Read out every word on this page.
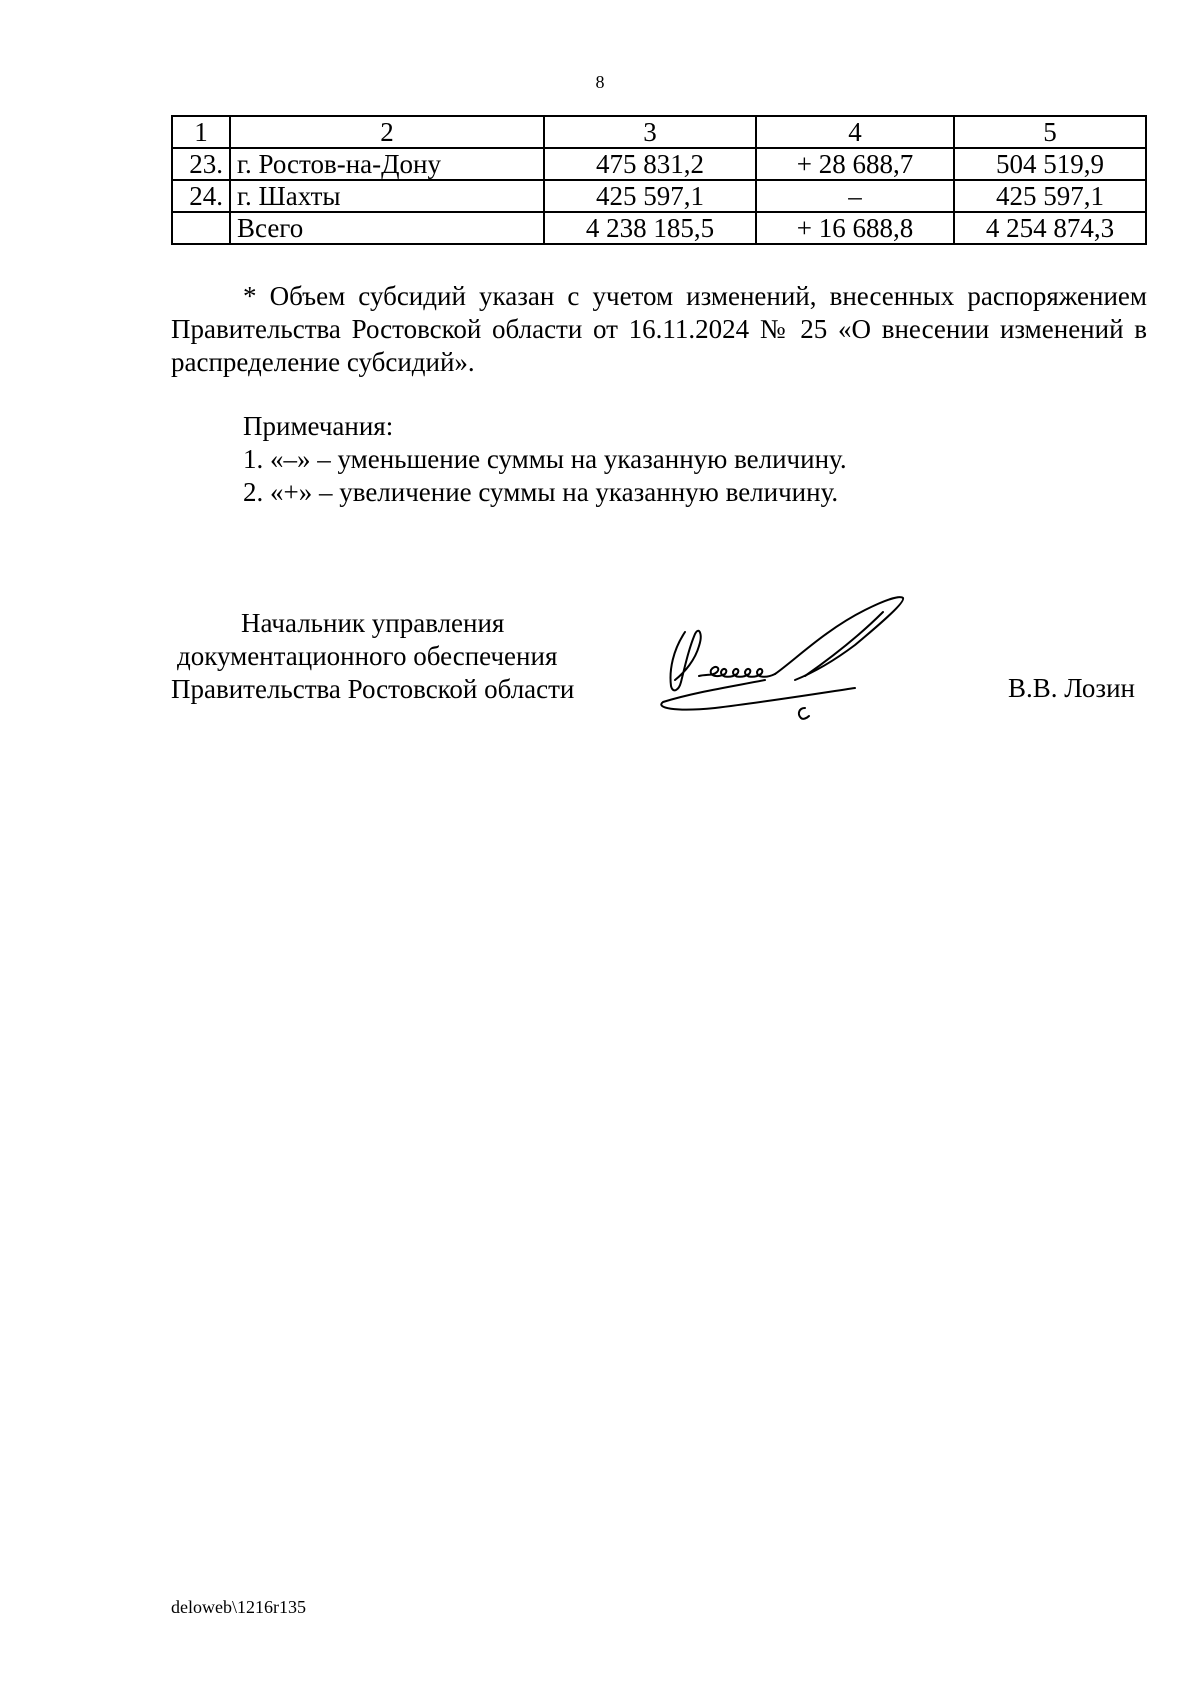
8
1	2	3	4	5
23.	г. Ростов-на-Дону	475 831,2	+ 28 688,7	504 519,9
24.	г. Шахты	425 597,1	–	425 597,1
	Всего	4 238 185,5	+ 16 688,8	4 254 874,3
* Объем субсидий указан с учетом изменений, внесенных распоряжением Правительства Ростовской области от 16.11.2024 № 25 «О внесении изменений в распределение субсидий».
Примечания:
1. «–» – уменьшение суммы на указанную величину.
2. «+» – увеличение суммы на указанную величину.
Начальник управления
документационного обеспечения
Правительства Ростовской области	В.В. Лозин
deloweb\1216r135
